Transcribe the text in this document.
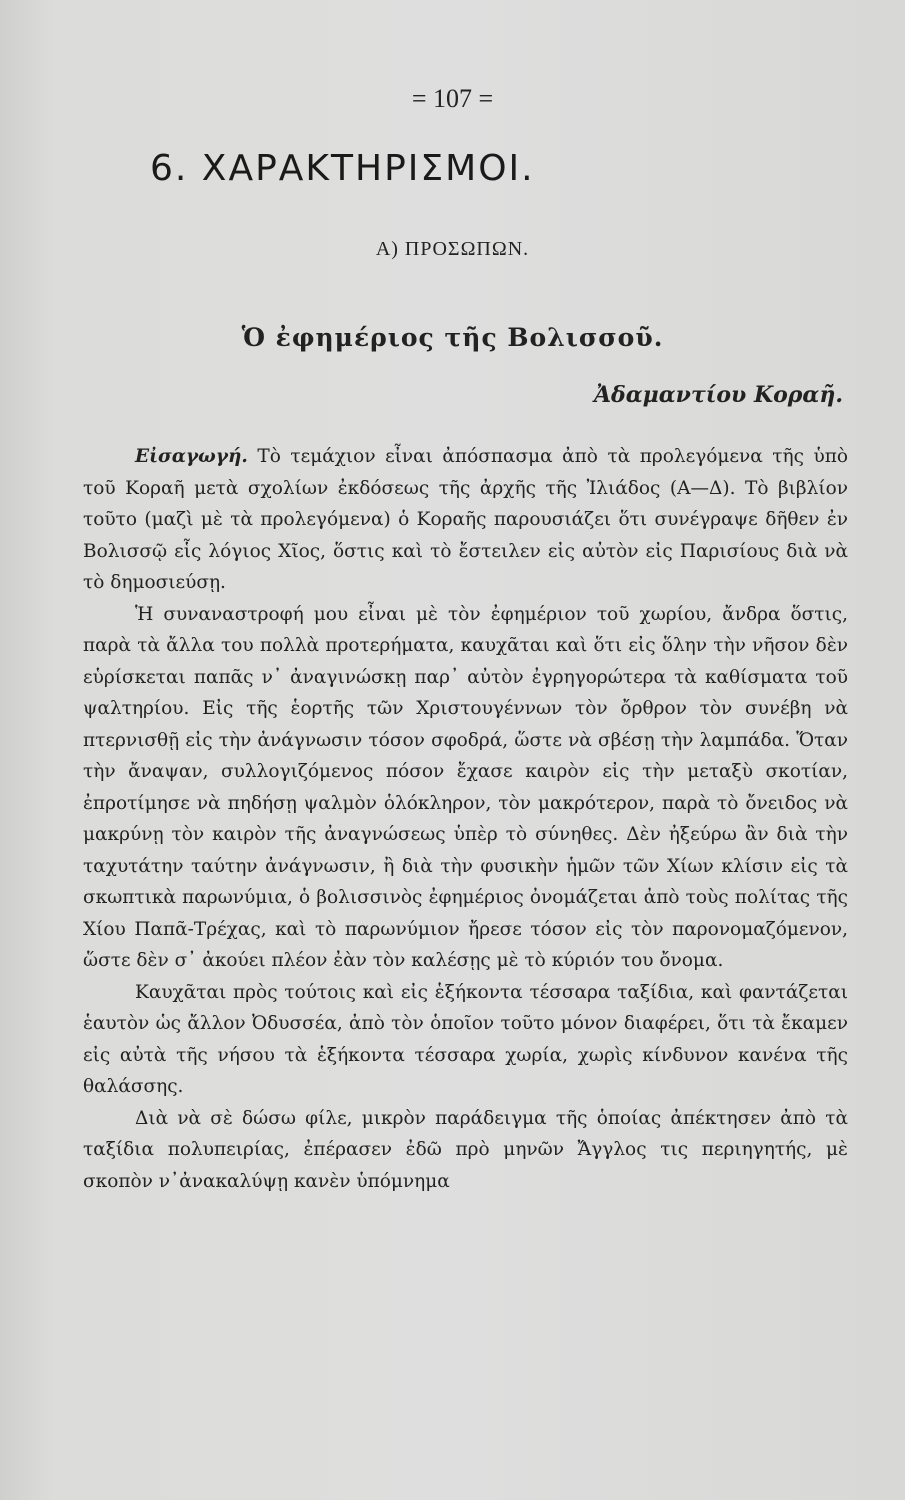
= 107 =
6. ΧΑΡΑΚΤΗΡΙΣΜΟΙ.
Α) ΠΡΟΣΩΠΩΝ.
Ὁ ἐφημέριος τῆς Βολισσοῦ.
Ἀδαμαντίου Κοραῆ.

Εἰσαγωγή. Τὸ τεμάχιον εἶναι ἀπόσπασμα ἀπὸ τὰ προλεγόμενα τῆς ὑπὸ τοῦ Κοραῆ μετὰ σχολίων ἐκδόσεως τῆς ἀρχῆς τῆς Ἰλιάδος (Α—Δ). Τὸ βιβλίον τοῦτο (μαζὶ μὲ τὰ προλεγόμενα) ὁ Κοραῆς παρουσιάζει ὅτι συνέγραψε δῆθεν ἐν Βολισσῷ εἷς λόγιος Χῖος, ὅστις καὶ τὸ ἔστειλεν εἰς αὐτὸν εἰς Παρισίους διὰ νὰ τὸ δημοσιεύσῃ.

Ἡ συναναστροφή μου εἶναι μὲ τὸν ἐφημέριον τοῦ χωρίου, ἄνδρα ὅστις, παρὰ τὰ ἄλλα του πολλὰ προτερήματα, καυχᾶται καὶ ὅτι εἰς ὅλην τὴν νῆσον δὲν εὑρίσκεται παπᾶς ν᾽ ἀναγινώσκῃ παρ᾽ αὐτὸν ἐγρηγορώτερα τὰ καθίσματα τοῦ ψαλτηρίου. Εἰς τῆς ἑορτῆς τῶν Χριστουγέννων τὸν ὄρθρον τὸν συνέβη νὰ πτερνισθῇ εἰς τὴν ἀνάγνωσιν τόσον σφοδρά, ὥστε νὰ σβέσῃ τὴν λαμπάδα. Ὅταν τὴν ἄναψαν, συλλογιζόμενος πόσον ἔχασε καιρὸν εἰς τὴν μεταξὺ σκοτίαν, ἐπροτίμησε νὰ πηδήσῃ ψαλμὸν ὁλόκληρον, τὸν μακρότερον, παρὰ τὸ ὄνειδος νὰ μακρύνῃ τὸν καιρὸν τῆς ἀναγνώσεως ὑπὲρ τὸ σύνηθες. Δὲν ἠξεύρω ἂν διὰ τὴν ταχυτάτην ταύτην ἀνάγνωσιν, ἢ διὰ τὴν φυσικὴν ἡμῶν τῶν Χίων κλίσιν εἰς τὰ σκωπτικὰ παρωνύμια, ὁ βολισσινὸς ἐφημέριος ὀνομάζεται ἀπὸ τοὺς πολίτας τῆς Χίου Παπᾶ-Τρέχας, καὶ τὸ παρωνύμιον ἤρεσε τόσον εἰς τὸν παρονομαζόμενον, ὥστε δὲν σ᾽ ἀκούει πλέον ἐὰν τὸν καλέσῃς μὲ τὸ κύριόν του ὄνομα.

Καυχᾶται πρὸς τούτοις καὶ εἰς ἑξήκοντα τέσσαρα ταξίδια, καὶ φαντάζεται ἑαυτὸν ὡς ἄλλον Ὀδυσσέα, ἀπὸ τὸν ὁποῖον τοῦτο μόνον διαφέρει, ὅτι τὰ ἔκαμεν εἰς αὐτὰ τῆς νήσου τὰ ἑξήκοντα τέσσαρα χωρία, χωρὶς κίνδυνον κανένα τῆς θαλάσσης.

Διὰ νὰ σὲ δώσω φίλε, μικρὸν παράδειγμα τῆς ὁποίας ἀπέκτησεν ἀπὸ τὰ ταξίδια πολυπειρίας, ἐπέρασεν ἐδῶ πρὸ μηνῶν Ἄγγλος τις περιηγητής, μὲ σκοπὸν ν᾽ἀνακαλύψῃ κανὲν ὑπόμνημα
